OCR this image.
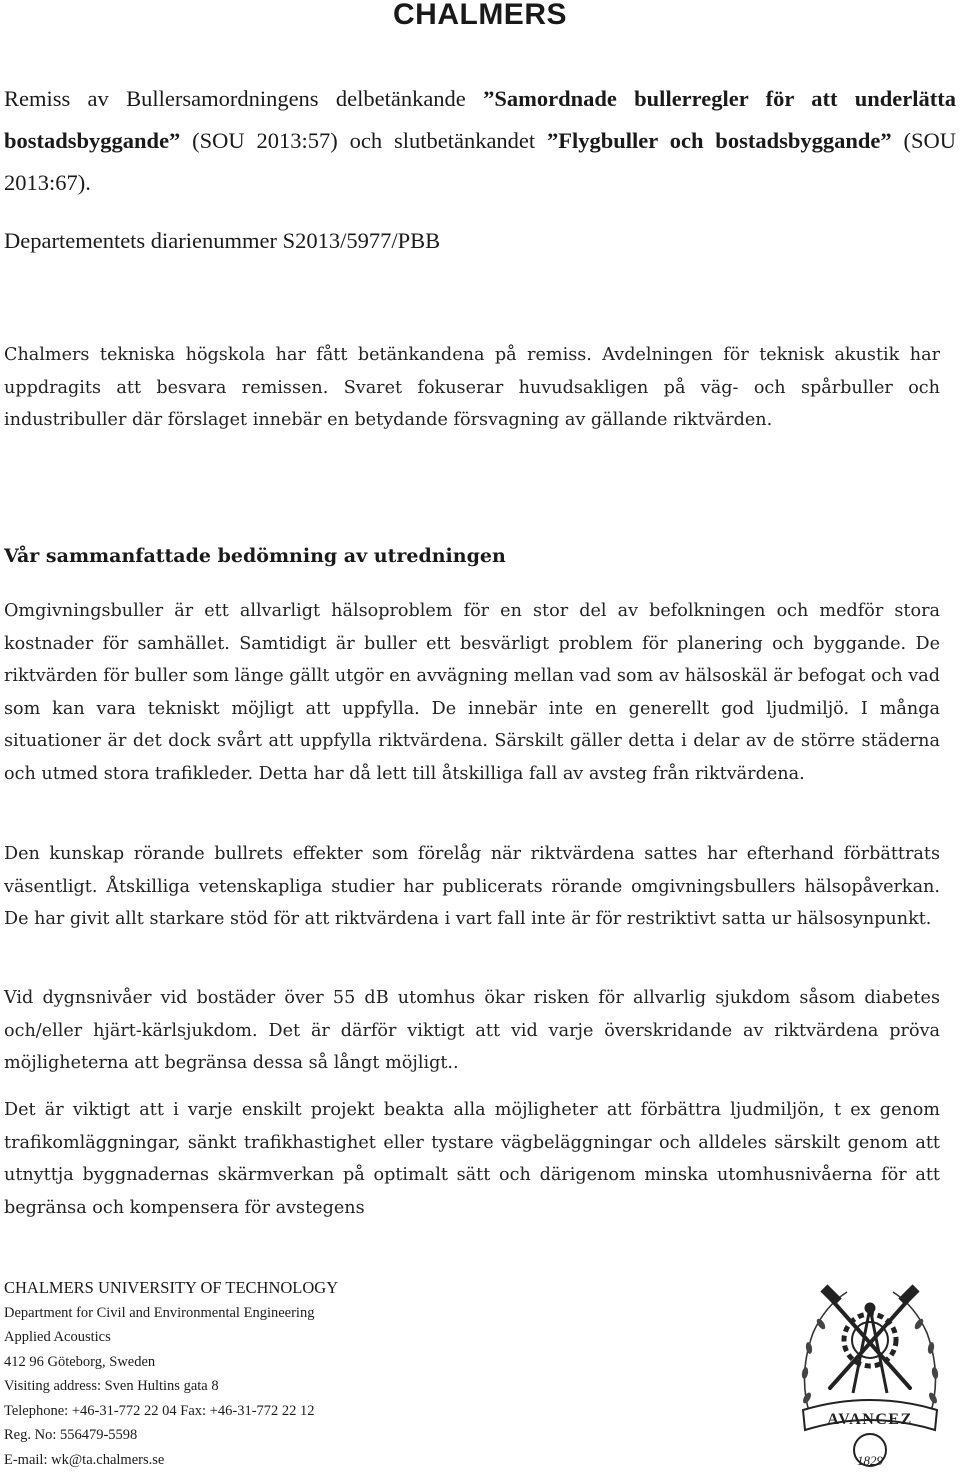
CHALMERS

Remiss av Bullersamordningens delbetänkande ”Samordnade bullerregler för att underlätta bostadsbyggande” (SOU 2013:57) och slutbetänkandet ”Flygbuller och bostadsbyggande” (SOU 2013:67).

Departementets diarienummer S2013/5977/PBB

Chalmers tekniska högskola har fått betänkandena på remiss. Avdelningen för teknisk akustik har uppdragits att besvara remissen. Svaret fokuserar huvudsakligen på väg- och spårbuller och industribuller där förslaget innebär en betydande försvagning av gällande riktvärden.

Vår sammanfattade bedömning av utredningen

Omgivningsbuller är ett allvarligt hälsoproblem för en stor del av befolkningen och medför stora kostnader för samhället. Samtidigt är buller ett besvärligt problem för planering och byggande. De riktvärden för buller som länge gällt utgör en avvägning mellan vad som av hälsoskäl är befogat och vad som kan vara tekniskt möjligt att uppfylla. De innebär inte en generellt god ljudmiljö. I många situationer är det dock svårt att uppfylla riktvärdena. Särskilt gäller detta i delar av de större städerna och utmed stora trafikleder. Detta har då lett till åtskilliga fall av avsteg från riktvärdena.

Den kunskap rörande bullrets effekter som förelåg när riktvärdena sattes har efterhand förbättrats väsentligt. Åtskilliga vetenskapliga studier har publicerats rörande omgivningsbullers hälsopåverkan. De har givit allt starkare stöd för att riktvärdena i vart fall inte är för restriktivt satta ur hälsosynpunkt.

Vid dygnsnivåer vid bostäder över 55 dB utomhus ökar risken för allvarlig sjukdom såsom diabetes och/eller hjärt-kärlsjukdom. Det är därför viktigt att vid varje överskridande av riktvärdena pröva möjligheterna att begränsa dessa så långt möjligt..

Det är viktigt att i varje enskilt projekt beakta alla möjligheter att förbättra ljudmiljön, t ex genom trafikomläggningar, sänkt trafikhastighet eller tystare vägbeläggningar och alldeles särskilt genom att utnyttja byggnadernas skärmverkan på optimalt sätt och därigenom minska utomhusnivåerna för att begränsa och kompensera för avstegens

CHALMERS UNIVERSITY OF TECHNOLOGY
Department for Civil and Environmental Engineering
Applied Acoustics
412 96 Göteborg, Sweden
Visiting address: Sven Hultins gata 8
Telephone: +46-31-772 22 04 Fax: +46-31-772 22 12
Reg. No: 556479-5598
E-mail: wk@ta.chalmers.se
AVANCEZ
1829
